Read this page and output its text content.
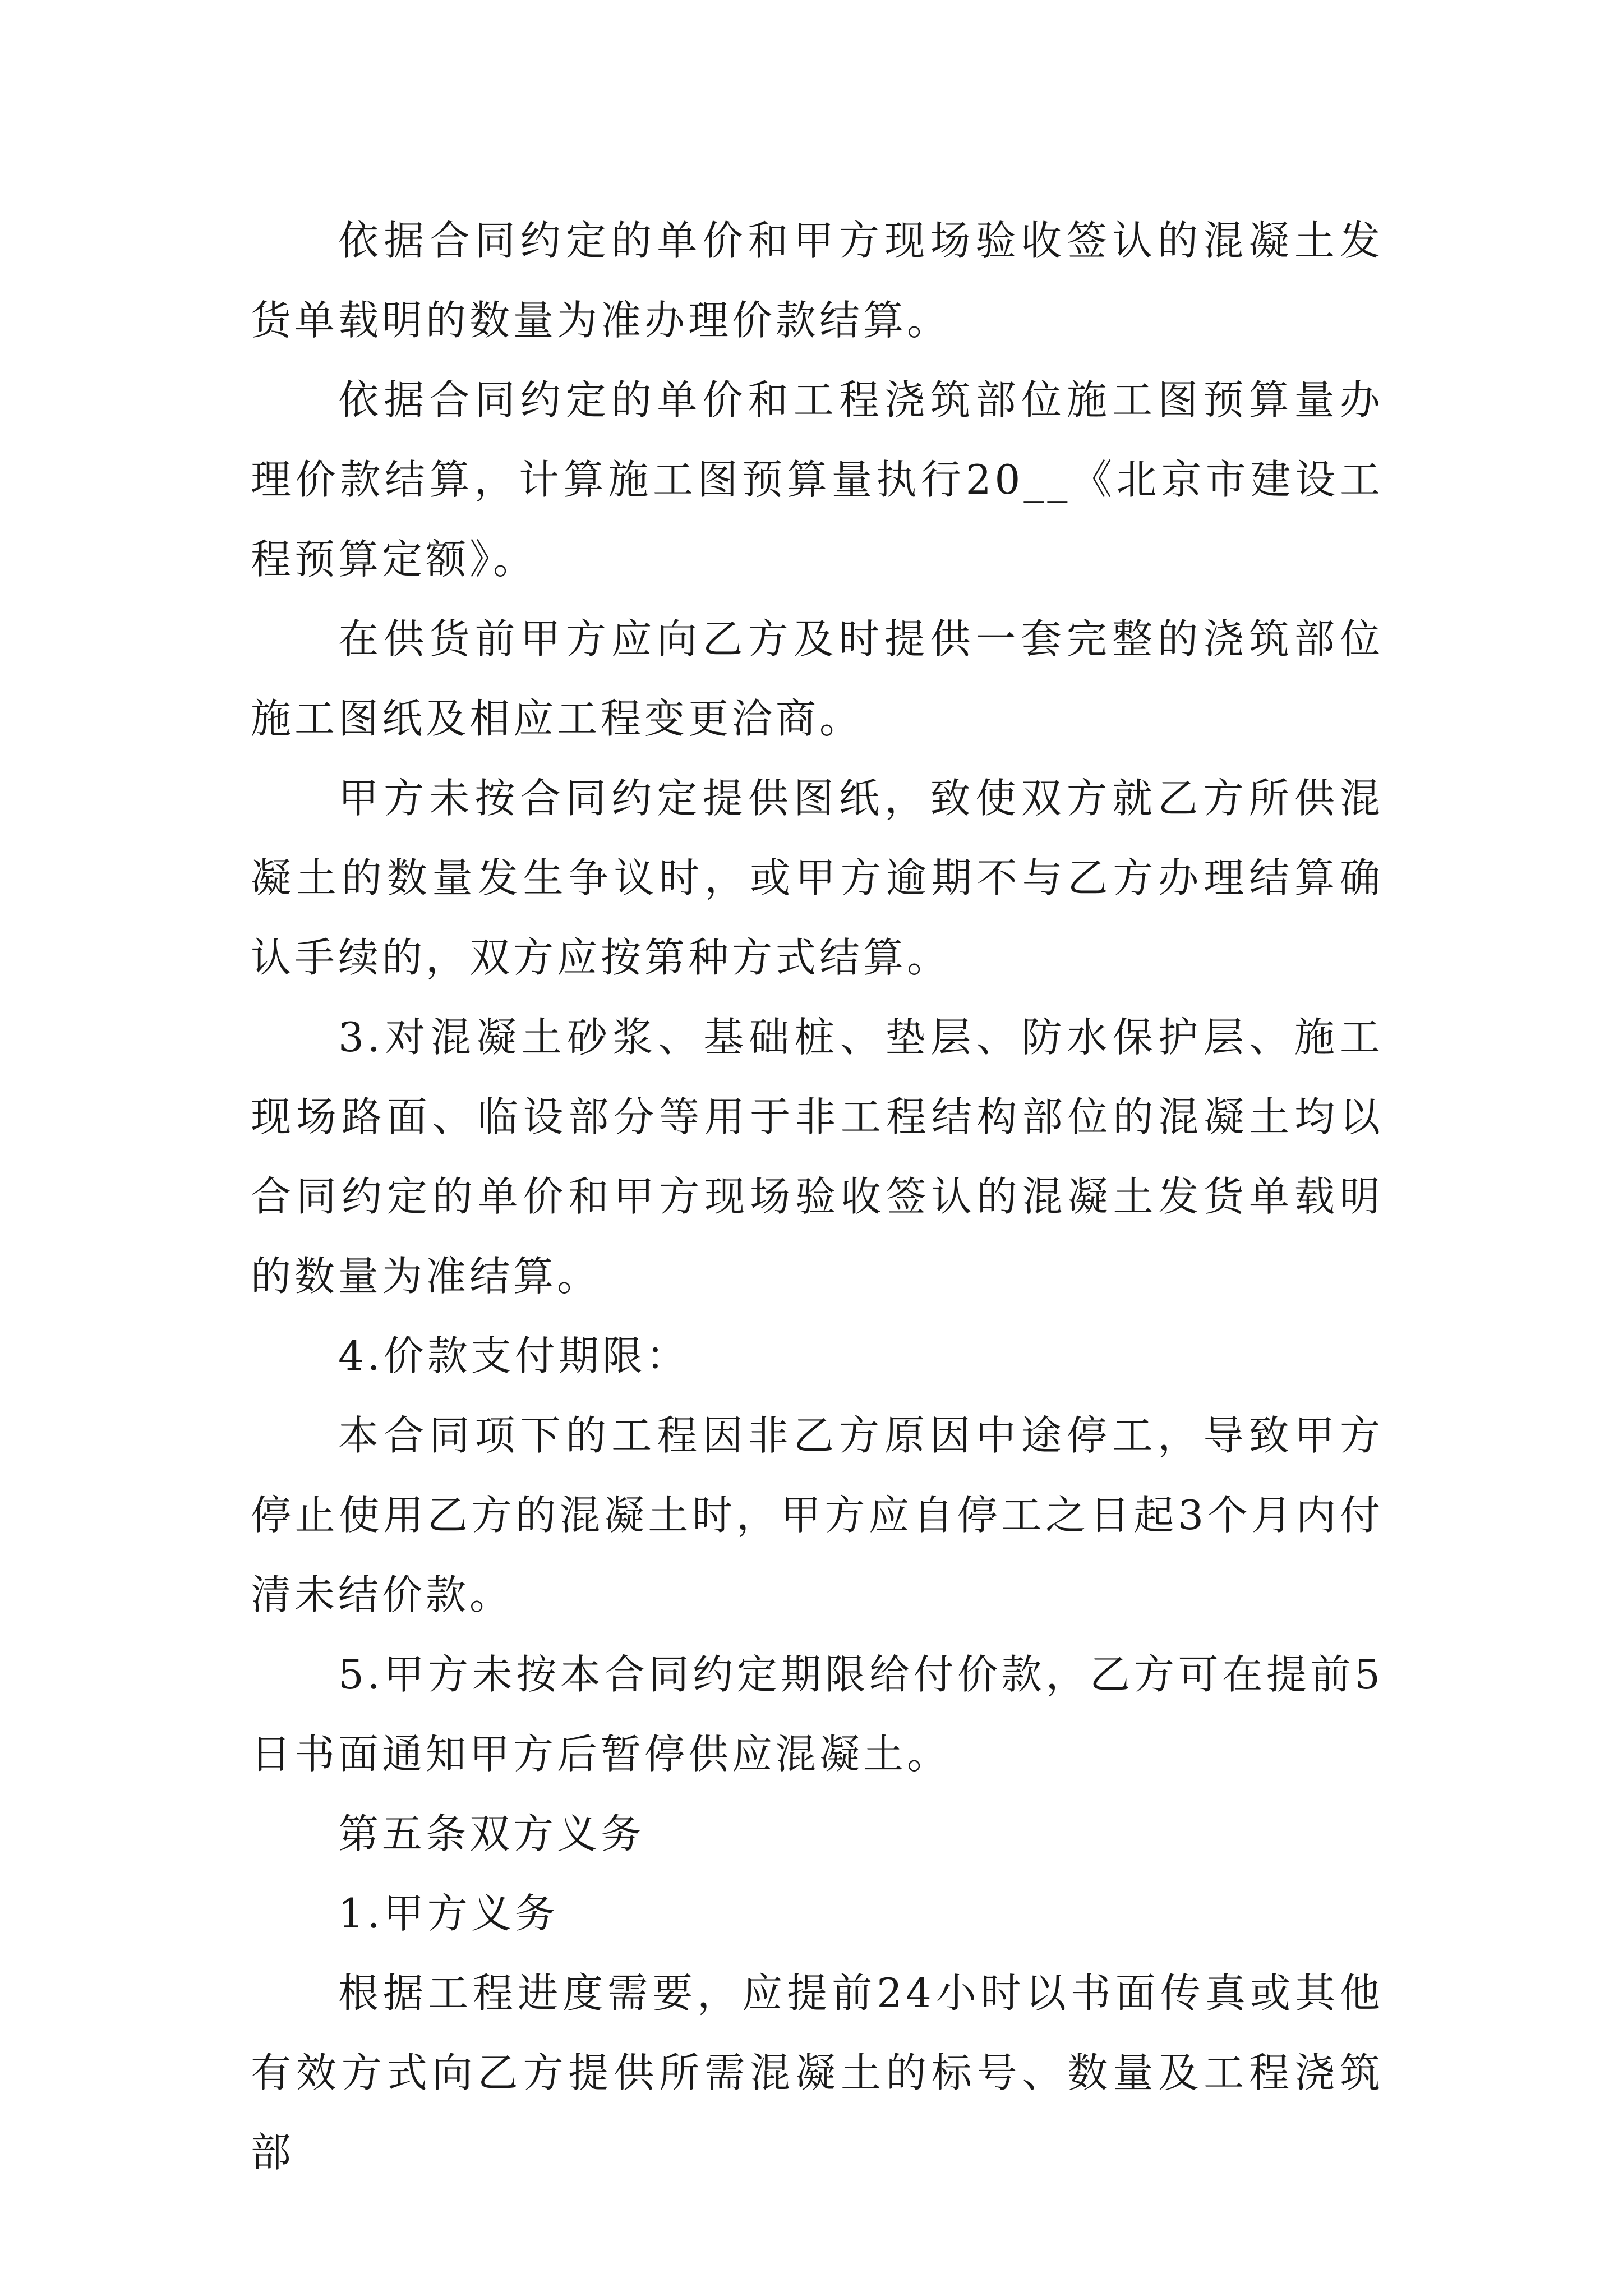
依据合同约定的单价和甲方现场验收签认的混凝土发货单载明的数量为准办理价款结算。

依据合同约定的单价和工程浇筑部位施工图预算量办理价款结算，计算施工图预算量执行20__《北京市建设工程预算定额》。

在供货前甲方应向乙方及时提供一套完整的浇筑部位施工图纸及相应工程变更洽商。

甲方未按合同约定提供图纸，致使双方就乙方所供混凝土的数量发生争议时，或甲方逾期不与乙方办理结算确认手续的，双方应按第种方式结算。

3.对混凝土砂浆、基础桩、垫层、防水保护层、施工现场路面、临设部分等用于非工程结构部位的混凝土均以合同约定的单价和甲方现场验收签认的混凝土发货单载明的数量为准结算。

4.价款支付期限：

本合同项下的工程因非乙方原因中途停工，导致甲方停止使用乙方的混凝土时，甲方应自停工之日起3个月内付清未结价款。

5.甲方未按本合同约定期限给付价款，乙方可在提前5日书面通知甲方后暂停供应混凝土。

第五条双方义务

1.甲方义务

根据工程进度需要，应提前24小时以书面传真或其他有效方式向乙方提供所需混凝土的标号、数量及工程浇筑部
